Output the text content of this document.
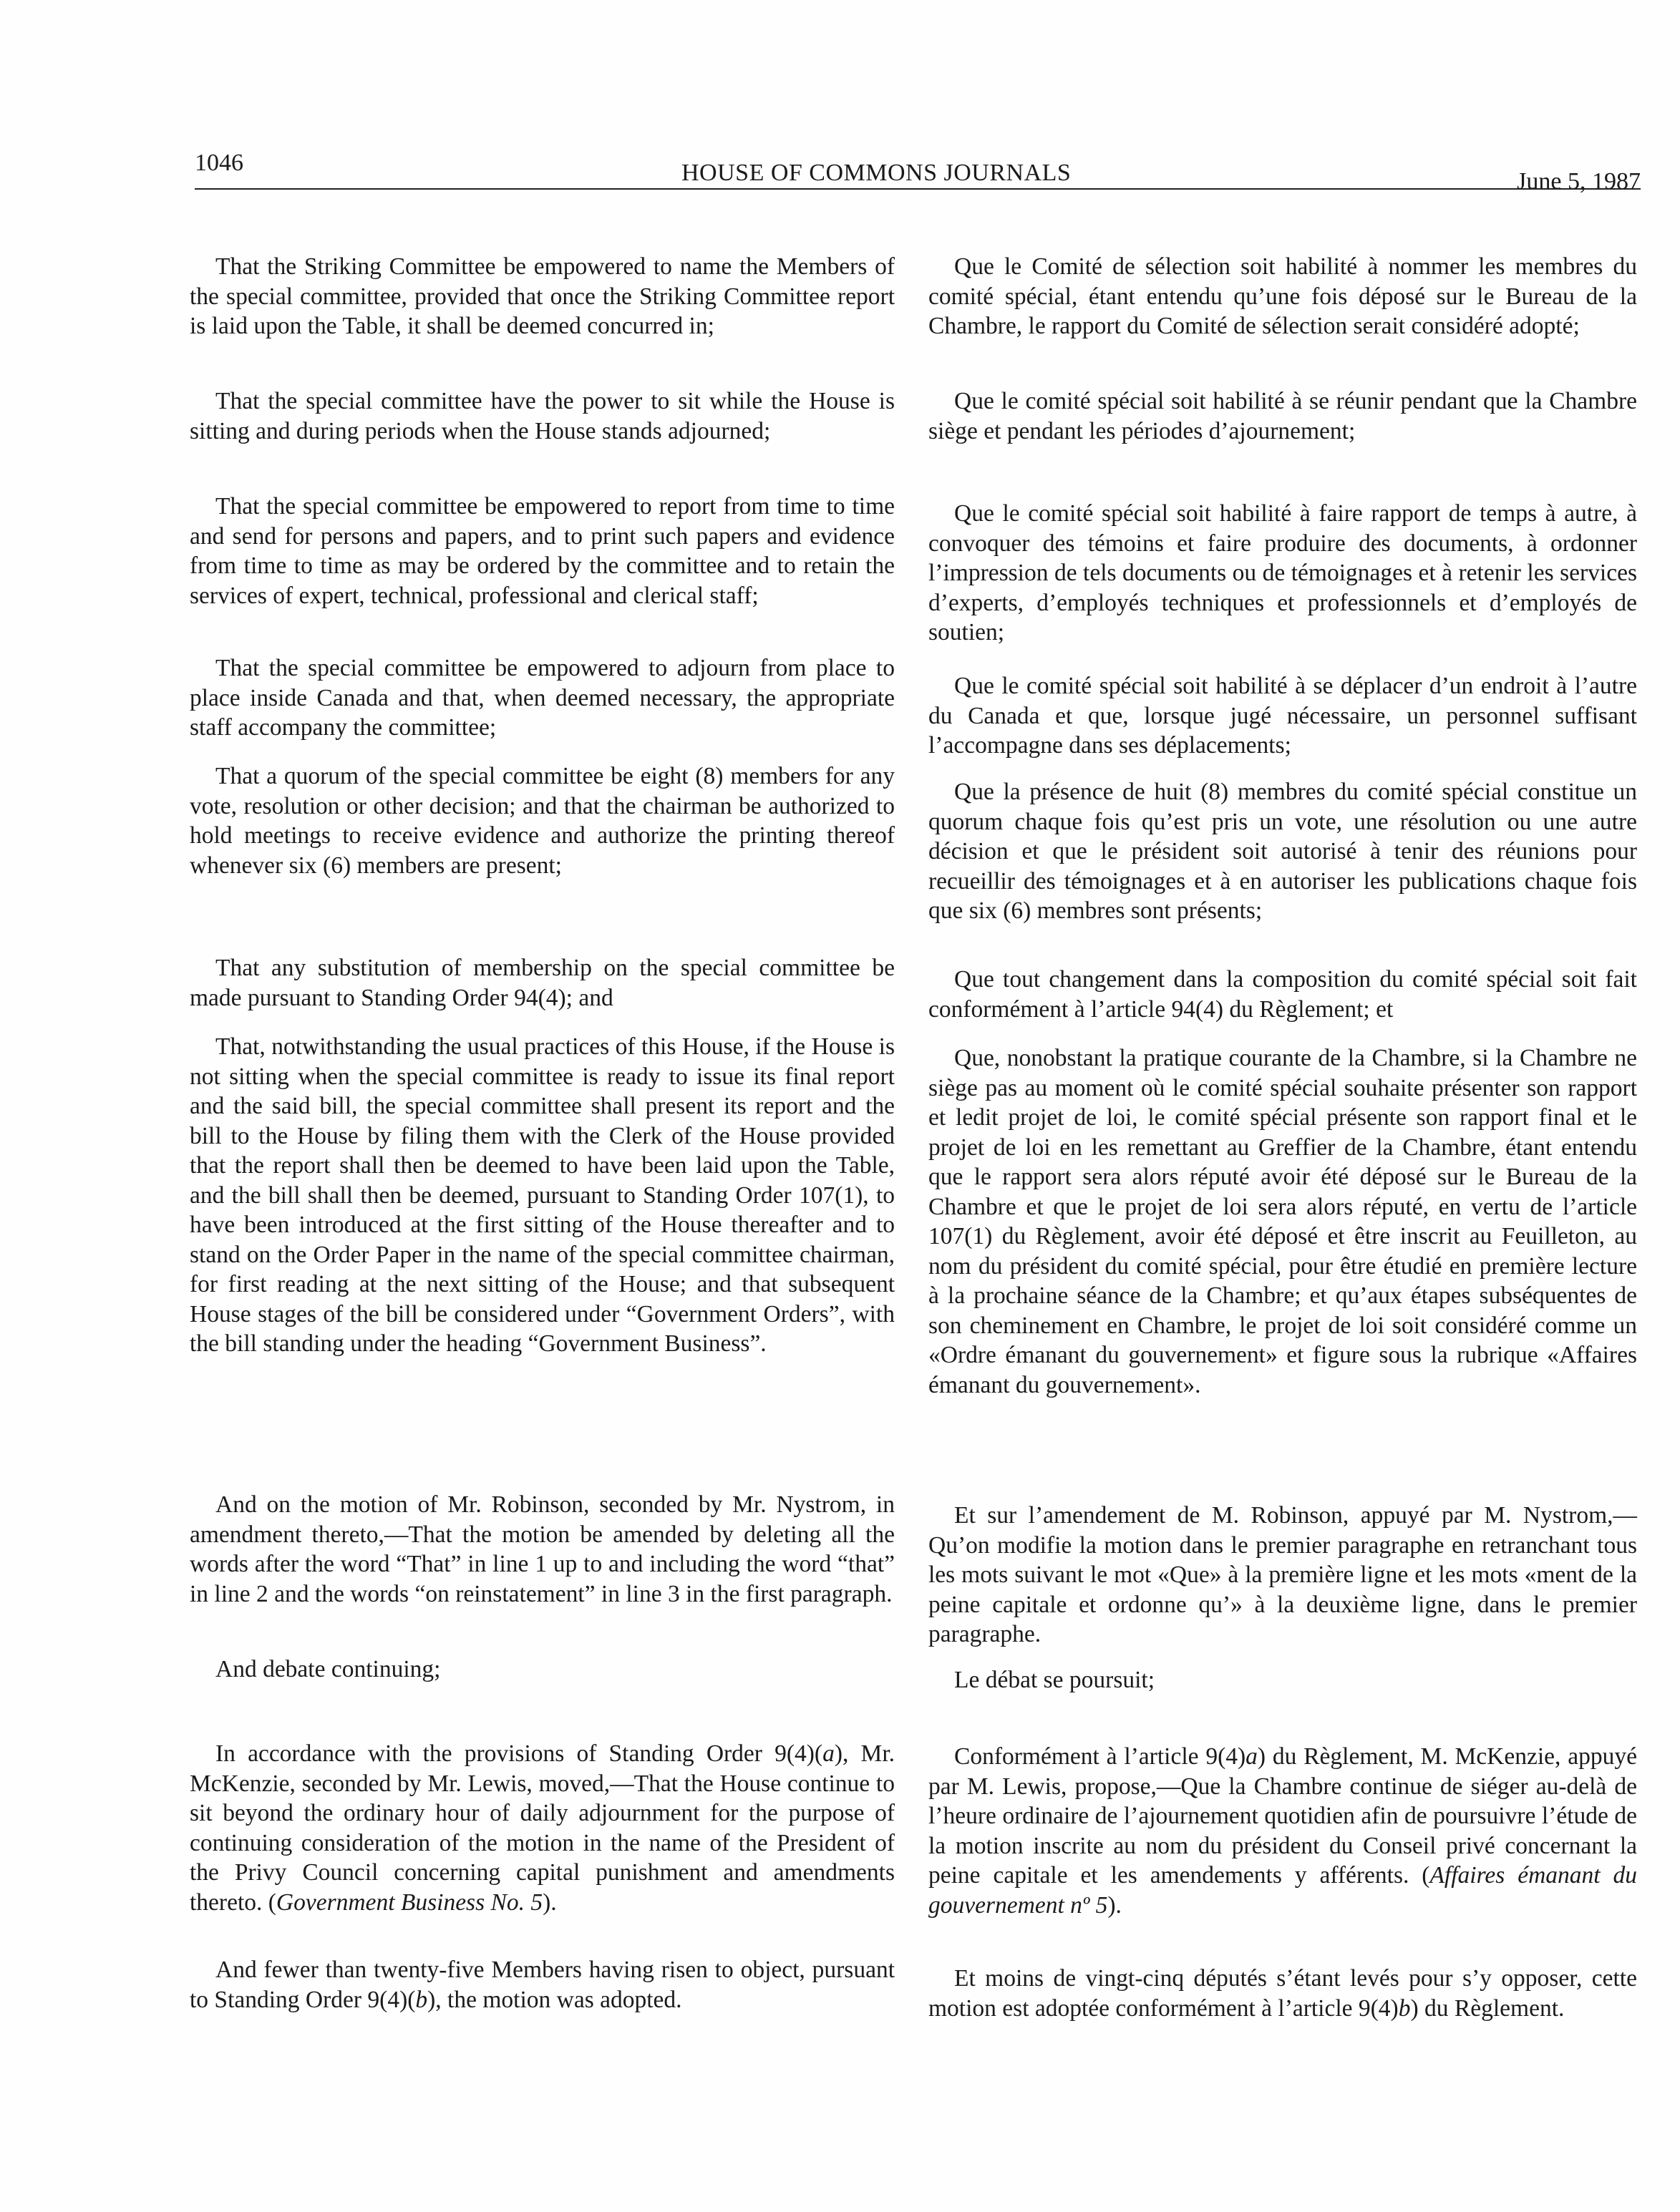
1046	HOUSE OF COMMONS JOURNALS	June 5, 1987

That the Striking Committee be empowered to name the Members of the special committee, provided that once the Striking Committee report is laid upon the Table, it shall be deemed concurred in;

That the special committee have the power to sit while the House is sitting and during periods when the House stands adjourned;

That the special committee be empowered to report from time to time and send for persons and papers, and to print such papers and evidence from time to time as may be ordered by the committee and to retain the services of expert, technical, professional and clerical staff;

That the special committee be empowered to adjourn from place to place inside Canada and that, when deemed necessary, the appropriate staff accompany the committee;

That a quorum of the special committee be eight (8) members for any vote, resolution or other decision; and that the chairman be authorized to hold meetings to receive evidence and authorize the printing thereof whenever six (6) members are present;

That any substitution of membership on the special committee be made pursuant to Standing Order 94(4); and

That, notwithstanding the usual practices of this House, if the House is not sitting when the special committee is ready to issue its final report and the said bill, the special committee shall present its report and the bill to the House by filing them with the Clerk of the House provided that the report shall then be deemed to have been laid upon the Table, and the bill shall then be deemed, pursuant to Standing Order 107(1), to have been introduced at the first sitting of the House thereafter and to stand on the Order Paper in the name of the special committee chairman, for first reading at the next sitting of the House; and that subsequent House stages of the bill be considered under “Government Orders”, with the bill standing under the heading “Government Business”.

And on the motion of Mr. Robinson, seconded by Mr. Nystrom, in amendment thereto,—That the motion be amended by deleting all the words after the word “That” in line 1 up to and including the word “that” in line 2 and the words “on reinstatement” in line 3 in the first paragraph.

And debate continuing;

In accordance with the provisions of Standing Order 9(4)(a), Mr. McKenzie, seconded by Mr. Lewis, moved,—That the House continue to sit beyond the ordinary hour of daily adjournment for the purpose of continuing consideration of the motion in the name of the President of the Privy Council concerning capital punishment and amendments thereto. (Government Business No. 5).

And fewer than twenty-five Members having risen to object, pursuant to Standing Order 9(4)(b), the motion was adopted.

Que le Comité de sélection soit habilité à nommer les membres du comité spécial, étant entendu qu’une fois déposé sur le Bureau de la Chambre, le rapport du Comité de sélection serait considéré adopté;

Que le comité spécial soit habilité à se réunir pendant que la Chambre siège et pendant les périodes d’ajournement;

Que le comité spécial soit habilité à faire rapport de temps à autre, à convoquer des témoins et faire produire des documents, à ordonner l’impression de tels documents ou de témoignages et à retenir les services d’experts, d’employés techniques et professionnels et d’employés de soutien;

Que le comité spécial soit habilité à se déplacer d’un endroit à l’autre du Canada et que, lorsque jugé nécessaire, un personnel suffisant l’accompagne dans ses déplacements;

Que la présence de huit (8) membres du comité spécial constitue un quorum chaque fois qu’est pris un vote, une résolution ou une autre décision et que le président soit autorisé à tenir des réunions pour recueillir des témoignages et à en autoriser les publications chaque fois que six (6) membres sont présents;

Que tout changement dans la composition du comité spécial soit fait conformément à l’article 94(4) du Règlement; et

Que, nonobstant la pratique courante de la Chambre, si la Chambre ne siège pas au moment où le comité spécial souhaite présenter son rapport et ledit projet de loi, le comité spécial présente son rapport final et le projet de loi en les remettant au Greffier de la Chambre, étant entendu que le rapport sera alors réputé avoir été déposé sur le Bureau de la Chambre et que le projet de loi sera alors réputé, en vertu de l’article 107(1) du Règlement, avoir été déposé et être inscrit au Feuilleton, au nom du président du comité spécial, pour être étudié en première lecture à la prochaine séance de la Chambre; et qu’aux étapes subséquentes de son cheminement en Chambre, le projet de loi soit considéré comme un «Ordre émanant du gouvernement» et figure sous la rubrique «Affaires émanant du gouvernement».

Et sur l’amendement de M. Robinson, appuyé par M. Nystrom,—Qu’on modifie la motion dans le premier paragraphe en retranchant tous les mots suivant le mot «Que» à la première ligne et les mots «ment de la peine capitale et ordonne qu’» à la deuxième ligne, dans le premier paragraphe.

Le débat se poursuit;

Conformément à l’article 9(4)a) du Règlement, M. McKenzie, appuyé par M. Lewis, propose,—Que la Chambre continue de siéger au-delà de l’heure ordinaire de l’ajournement quotidien afin de poursuivre l’étude de la motion inscrite au nom du président du Conseil privé concernant la peine capitale et les amendements y afférents. (Affaires émanant du gouvernement nº 5).

Et moins de vingt-cinq députés s’étant levés pour s’y opposer, cette motion est adoptée conformément à l’article 9(4)b) du Règlement.
